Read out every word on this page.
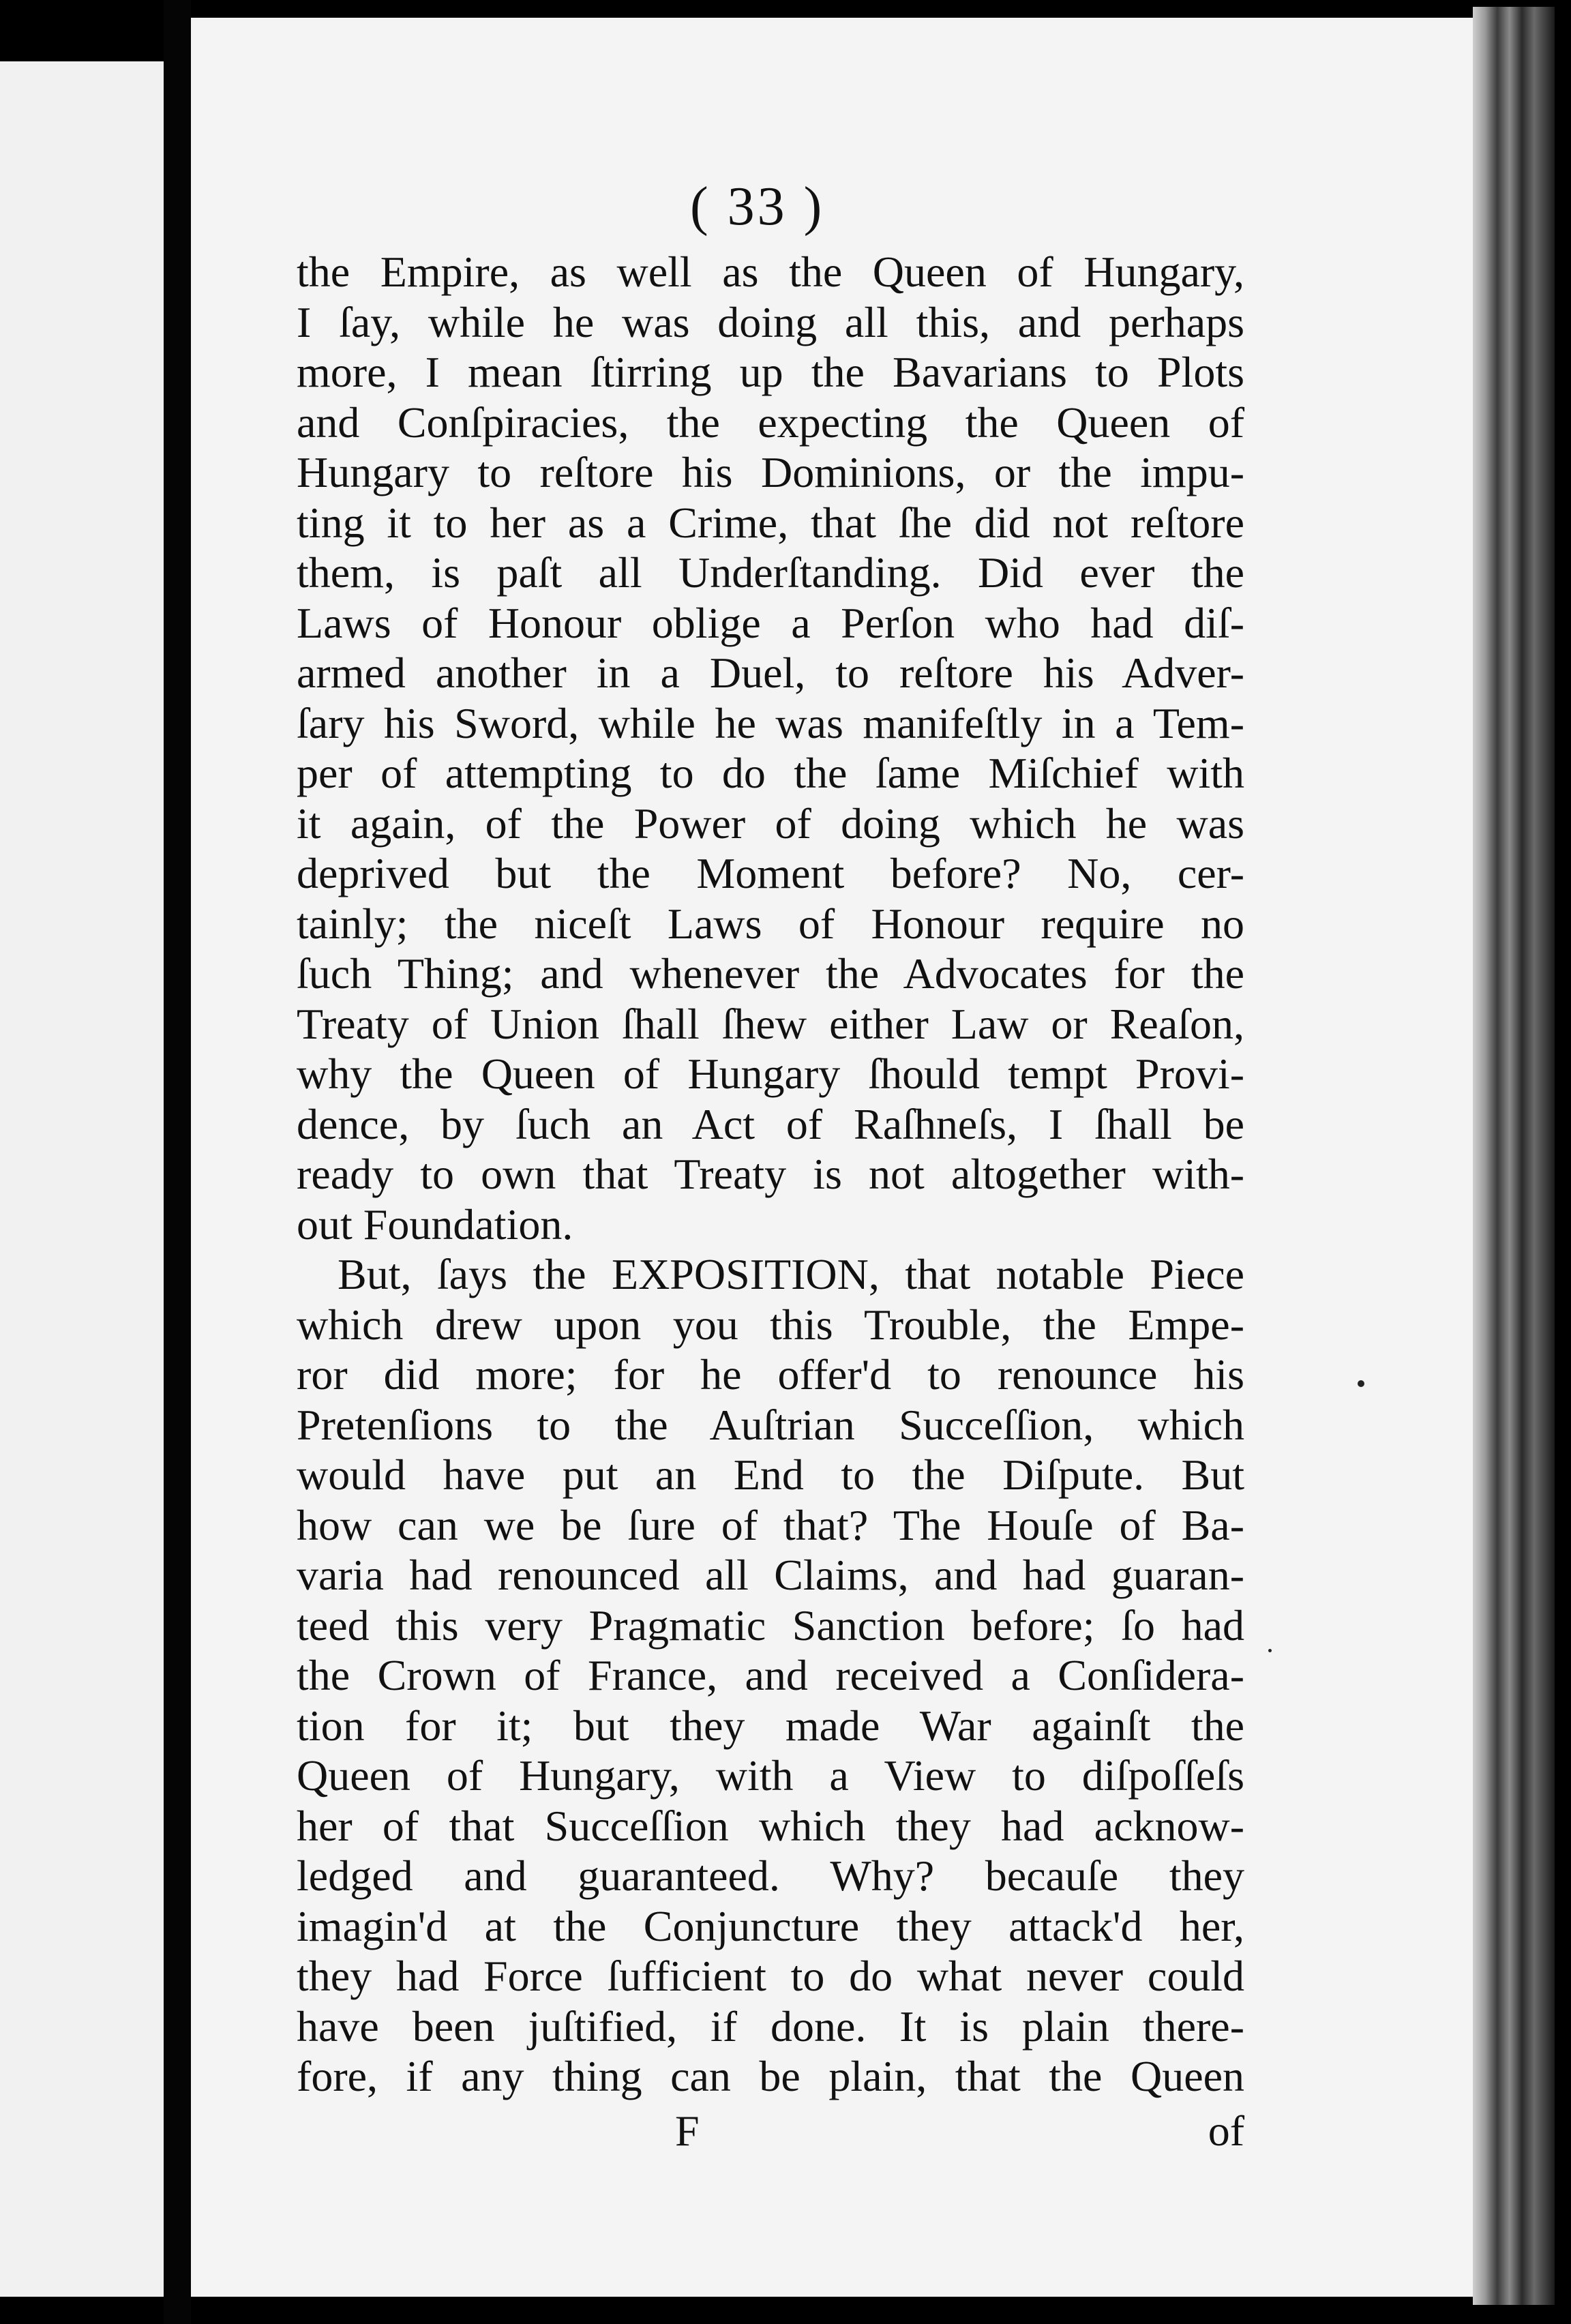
( 33 )
the Empire, as well as the Queen of Hungary,
I ſay, while he was doing all this, and perhaps
more, I mean ſtirring up the Bavarians to Plots
and Conſpiracies, the expecting the Queen of
Hungary to reſtore his Dominions, or the impu-
ting it to her as a Crime, that ſhe did not reſtore
them, is paſt all Underſtanding. Did ever the
Laws of Honour oblige a Perſon who had diſ-
armed another in a Duel, to reſtore his Adver-
ſary his Sword, while he was manifeſtly in a Tem-
per of attempting to do the ſame Miſchief with
it again, of the Power of doing which he was
deprived but the Moment before? No, cer-
tainly; the niceſt Laws of Honour require no
ſuch Thing; and whenever the Advocates for the
Treaty of Union ſhall ſhew either Law or Reaſon,
why the Queen of Hungary ſhould tempt Provi-
dence, by ſuch an Act of Raſhneſs, I ſhall be
ready to own that Treaty is not altogether with-
out Foundation.
But, ſays the EXPOSITION, that notable Piece
which drew upon you this Trouble, the Empe-
ror did more; for he offer'd to renounce his
Pretenſions to the Auſtrian Succeſſion, which
would have put an End to the Diſpute. But
how can we be ſure of that? The Houſe of Ba-
varia had renounced all Claims, and had guaran-
teed this very Pragmatic Sanction before; ſo had
the Crown of France, and received a Conſidera-
tion for it; but they made War againſt the
Queen of Hungary, with a View to diſpoſſeſs
her of that Succeſſion which they had acknow-
ledged and guaranteed. Why? becauſe they
imagin'd at the Conjuncture they attack'd her,
they had Force ſufficient to do what never could
have been juſtified, if done. It is plain there-
fore, if any thing can be plain, that the Queen
F	of
